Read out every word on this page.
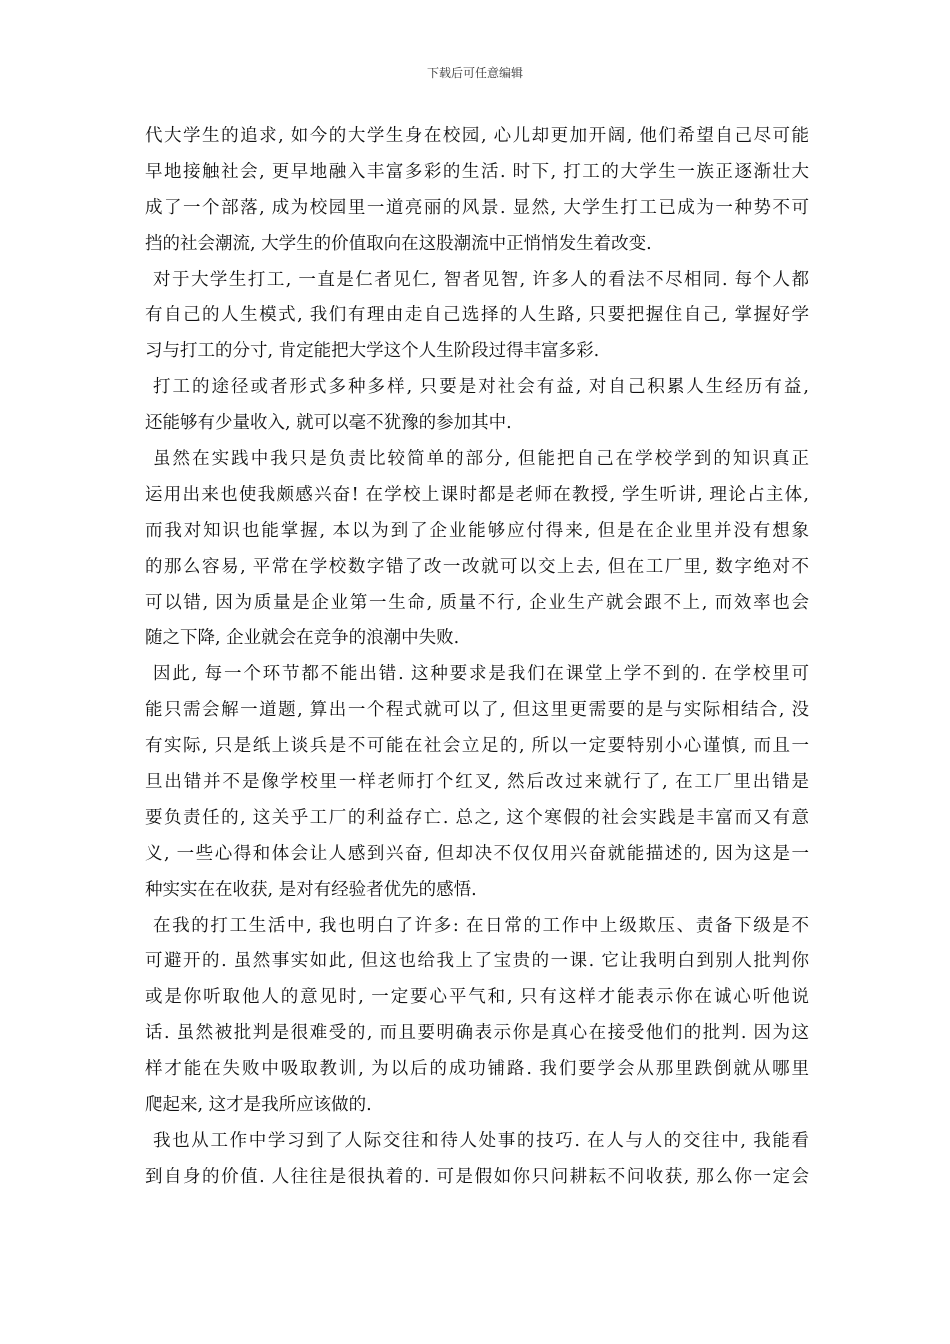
下载后可任意编辑
代大学生的追求, 如今的大学生身在校园, 心儿却更加开阔, 他们希望自己尽可能
早地接触社会, 更早地融入丰富多彩的生活. 时下, 打工的大学生一族正逐渐壮大
成了一个部落, 成为校园里一道亮丽的风景. 显然, 大学生打工已成为一种势不可
挡的社会潮流, 大学生的价值取向在这股潮流中正悄悄发生着改变.
对于大学生打工, 一直是仁者见仁, 智者见智, 许多人的看法不尽相同. 每个人都
有自己的人生模式, 我们有理由走自己选择的人生路, 只要把握住自己, 掌握好学
习与打工的分寸, 肯定能把大学这个人生阶段过得丰富多彩.
打工的途径或者形式多种多样, 只要是对社会有益, 对自己积累人生经历有益,
还能够有少量收入, 就可以毫不犹豫的参加其中.
虽然在实践中我只是负责比较简单的部分, 但能把自己在学校学到的知识真正
运用出来也使我颇感兴奋! 在学校上课时都是老师在教授, 学生听讲, 理论占主体,
而我对知识也能掌握, 本以为到了企业能够应付得来, 但是在企业里并没有想象
的那么容易, 平常在学校数字错了改一改就可以交上去, 但在工厂里, 数字绝对不
可以错, 因为质量是企业第一生命, 质量不行, 企业生产就会跟不上, 而效率也会
随之下降, 企业就会在竞争的浪潮中失败.
因此, 每一个环节都不能出错. 这种要求是我们在课堂上学不到的. 在学校里可
能只需会解一道题, 算出一个程式就可以了, 但这里更需要的是与实际相结合, 没
有实际, 只是纸上谈兵是不可能在社会立足的, 所以一定要特别小心谨慎, 而且一
旦出错并不是像学校里一样老师打个红叉, 然后改过来就行了, 在工厂里出错是
要负责任的, 这关乎工厂的利益存亡. 总之, 这个寒假的社会实践是丰富而又有意
义, 一些心得和体会让人感到兴奋, 但却决不仅仅用兴奋就能描述的, 因为这是一
种实实在在收获, 是对有经验者优先的感悟.
在我的打工生活中, 我也明白了许多: 在日常的工作中上级欺压、责备下级是不
可避开的. 虽然事实如此, 但这也给我上了宝贵的一课. 它让我明白到别人批判你
或是你听取他人的意见时, 一定要心平气和, 只有这样才能表示你在诚心听他说
话. 虽然被批判是很难受的, 而且要明确表示你是真心在接受他们的批判. 因为这
样才能在失败中吸取教训, 为以后的成功铺路. 我们要学会从那里跌倒就从哪里
爬起来, 这才是我所应该做的.
我也从工作中学习到了人际交往和待人处事的技巧. 在人与人的交往中, 我能看
到自身的价值. 人往往是很执着的. 可是假如你只问耕耘不问收获, 那么你一定会
